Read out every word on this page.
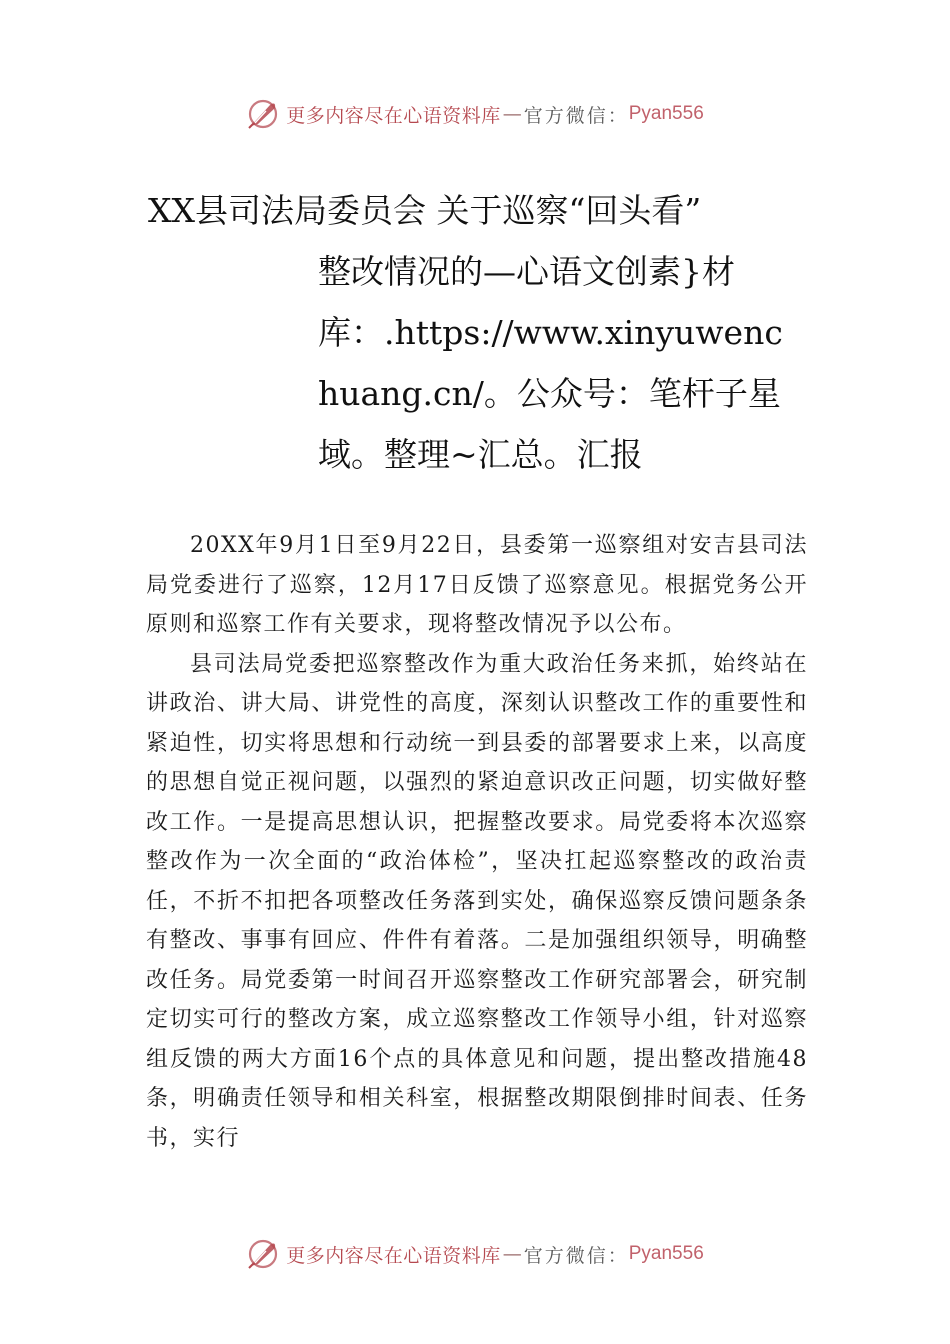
更多内容尽在心语资料库 — 官方微信： Pyan556
XX县司法局委员会 关于巡察“回头看”
整改情况的—心语文创素}材库：.https://www.xinyuwenchuang.cn/。公众号：笔杆子星域。整理~汇总。汇报

20XX年9月1日至9月22日，县委第一巡察组对安吉县司法局党委进行了巡察，12月17日反馈了巡察意见。根据党务公开原则和巡察工作有关要求，现将整改情况予以公布。

县司法局党委把巡察整改作为重大政治任务来抓，始终站在讲政治、讲大局、讲党性的高度，深刻认识整改工作的重要性和紧迫性，切实将思想和行动统一到县委的部署要求上来，以高度的思想自觉正视问题，以强烈的紧迫意识改正问题，切实做好整改工作。一是提高思想认识，把握整改要求。局党委将本次巡察整改作为一次全面的“政治体检”，坚决扛起巡察整改的政治责任，不折不扣把各项整改任务落到实处，确保巡察反馈问题条条有整改、事事有回应、件件有着落。二是加强组织领导，明确整改任务。局党委第一时间召开巡察整改工作研究部署会，研究制定切实可行的整改方案，成立巡察整改工作领导小组，针对巡察组反馈的两大方面16个点的具体意见和问题，提出整改措施48条，明确责任领导和相关科室，根据整改期限倒排时间表、任务书，实行

更多内容尽在心语资料库 — 官方微信： Pyan556
